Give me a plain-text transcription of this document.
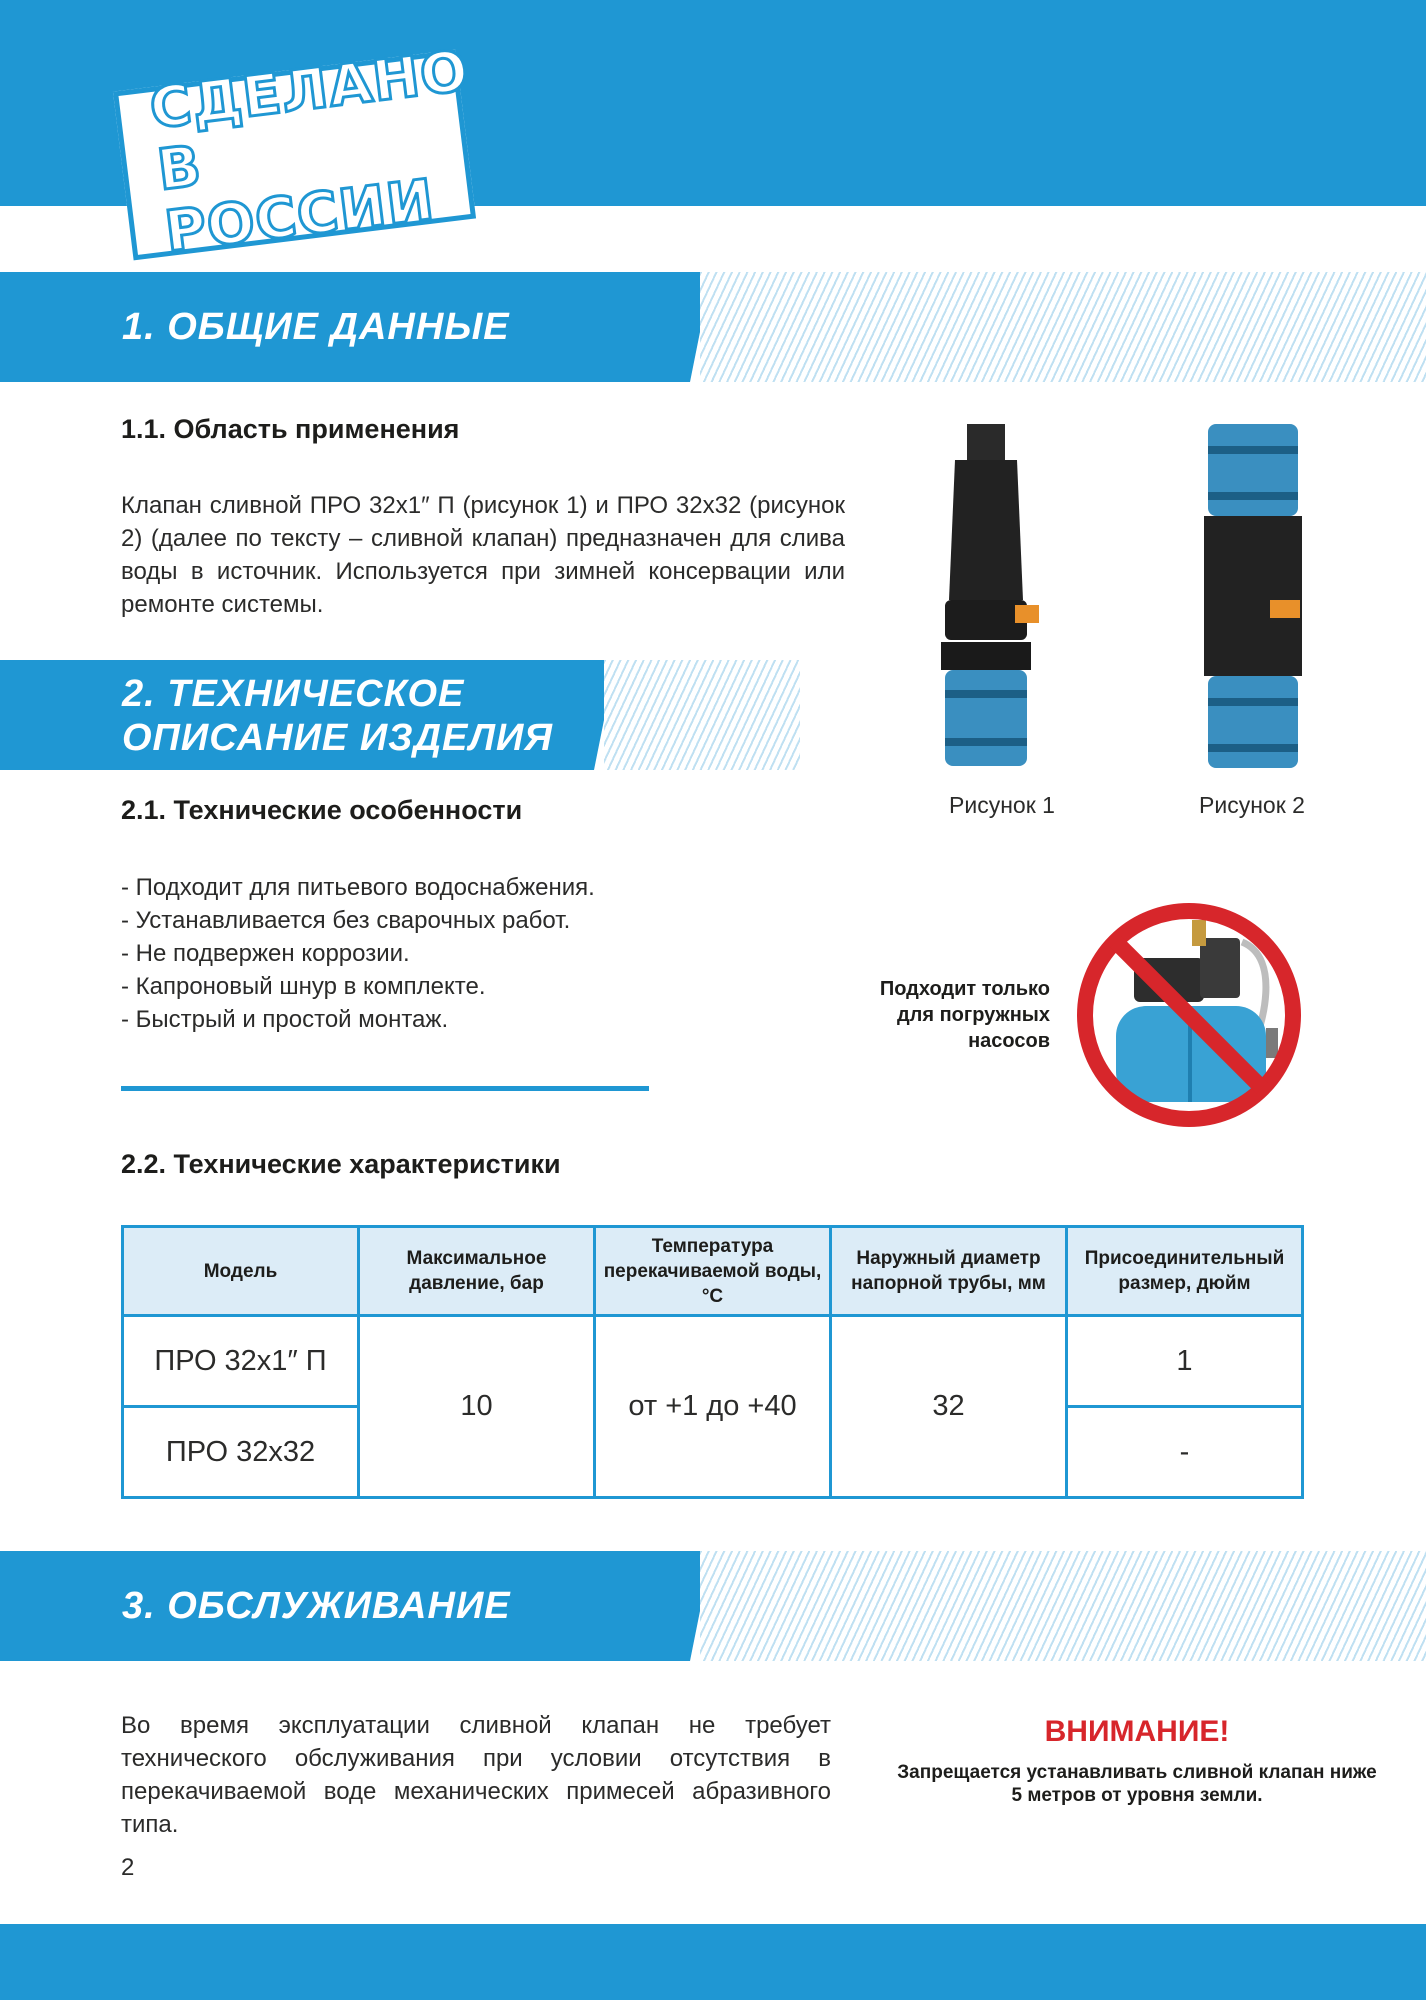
СДЕЛАНО
В РОССИИ
1. ОБЩИЕ ДАННЫЕ
1.1. Область применения
Клапан сливной ПРО 32х1″ П (рисунок 1) и ПРО 32х32 (рисунок 2) (далее по тексту – сливной клапан) предназначен для слива воды в источник. Используется при зимней консервации или ремонте системы.
Рисунок 1	Рисунок 2
2. ТЕХНИЧЕСКОЕ
ОПИСАНИЕ ИЗДЕЛИЯ
2.1. Технические особенности
- Подходит для питьевого водоснабжения.
- Устанавливается без сварочных работ.
- Не подвержен коррозии.
- Капроновый шнур в комплекте.
- Быстрый и простой монтаж.
Подходит только
для погружных
насосов
2.2. Технические характеристики
Модель	Максимальное давление, бар	Температура перекачиваемой воды, °С	Наружный диаметр напорной трубы, мм	Присоединительный размер, дюйм
ПРО 32х1″ П	10	от +1 до +40	32	1
ПРО 32х32				-
3. ОБСЛУЖИВАНИЕ
Во время эксплуатации сливной клапан не требует технического обслуживания при условии отсутствия в перекачиваемой воде механических примесей абразивного типа.
ВНИМАНИЕ!
Запрещается устанавливать сливной клапан ниже 5 метров от уровня земли.
2
